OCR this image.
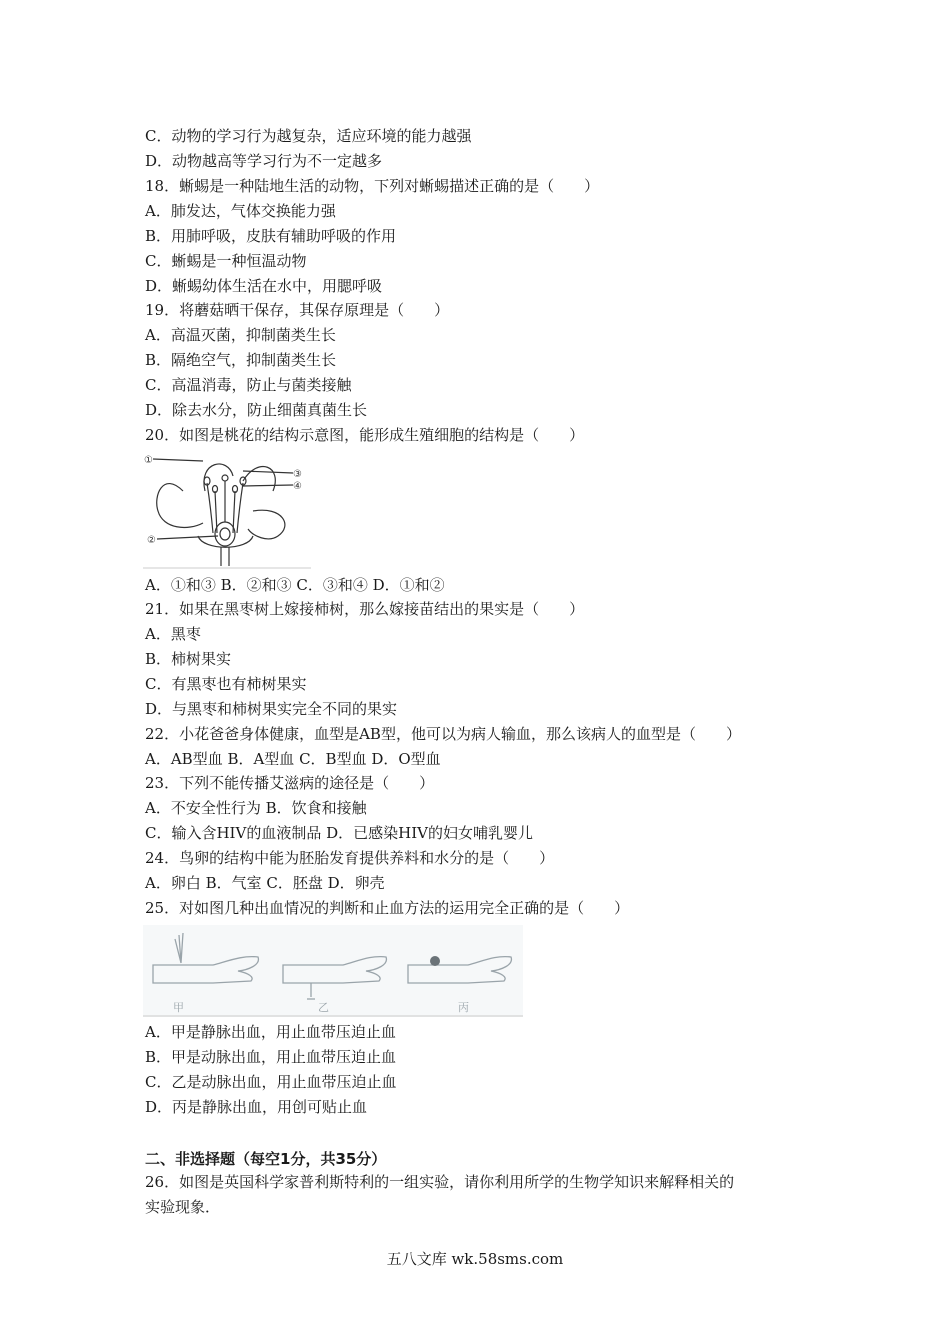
C．动物的学习行为越复杂，适应环境的能力越强
D．动物越高等学习行为不一定越多
18．蜥蜴是一种陆地生活的动物，下列对蜥蜴描述正确的是（　　）
A．肺发达，气体交换能力强
B．用肺呼吸，皮肤有辅助呼吸的作用
C．蜥蜴是一种恒温动物
D．蜥蜴幼体生活在水中，用腮呼吸
19．将蘑菇晒干保存，其保存原理是（　　）
A．高温灭菌，抑制菌类生长
B．隔绝空气，抑制菌类生长
C．高温消毒，防止与菌类接触
D．除去水分，防止细菌真菌生长
20．如图是桃花的结构示意图，能形成生殖细胞的结构是（　　）
①
③
④
②
A．①和③ B．②和③ C．③和④ D．①和②
21．如果在黑枣树上嫁接柿树，那么嫁接苗结出的果实是（　　）
A．黑枣
B．柿树果实
C．有黑枣也有柿树果实
D．与黑枣和柿树果实完全不同的果实
22．小花爸爸身体健康，血型是AB型，他可以为病人输血，那么该病人的血型是（　　）
A．AB型血 B．A型血 C．B型血 D．O型血
23．下列不能传播艾滋病的途径是（　　）
A．不安全性行为 B．饮食和接触
C．输入含HIV的血液制品 D．已感染HIV的妇女哺乳婴儿
24．鸟卵的结构中能为胚胎发育提供养料和水分的是（　　）
A．卵白 B．气室 C．胚盘 D．卵壳
25．对如图几种出血情况的判断和止血方法的运用完全正确的是（　　）
甲	乙	丙
A．甲是静脉出血，用止血带压迫止血
B．甲是动脉出血，用止血带压迫止血
C．乙是动脉出血，用止血带压迫止血
D．丙是静脉出血，用创可贴止血
二、非选择题（每空1分，共35分）
26．如图是英国科学家普利斯特利的一组实验，请你利用所学的生物学知识来解释相关的
实验现象．
五八文库 wk.58sms.com
